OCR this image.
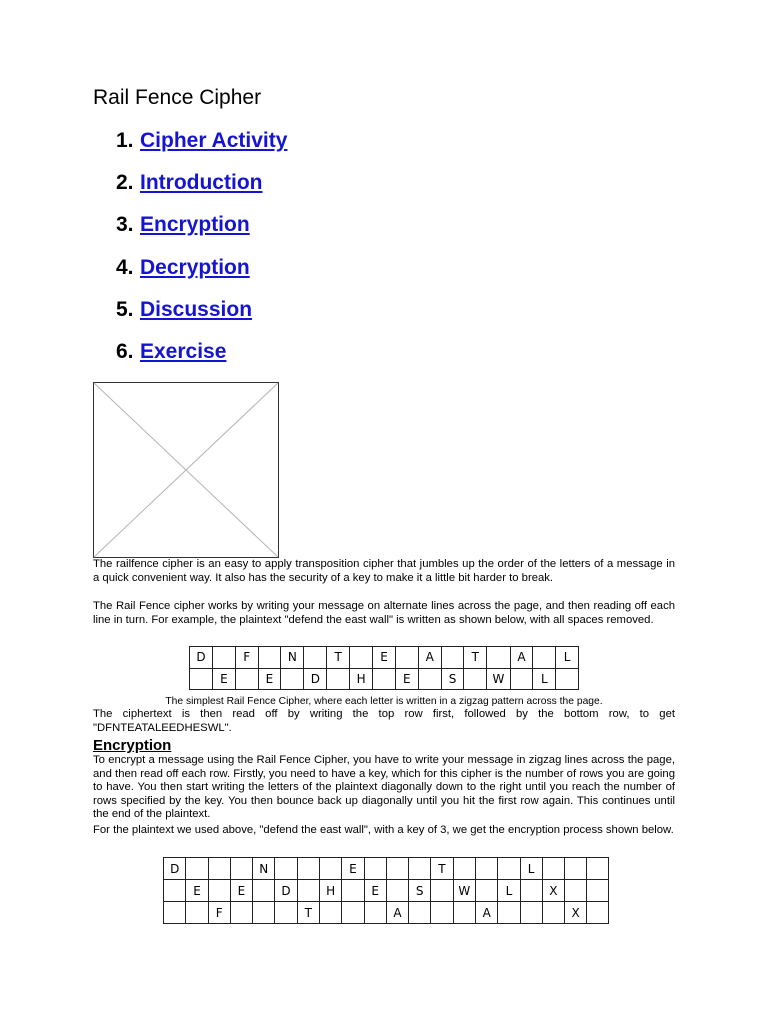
Rail Fence Cipher
1. Cipher Activity
2. Introduction
3. Encryption
4. Decryption
5. Discussion
6. Exercise

The railfence cipher is an easy to apply transposition cipher that jumbles up the order of the letters of a message in a quick convenient way. It also has the security of a key to make it a little bit harder to break.

The Rail Fence cipher works by writing your message on alternate lines across the page, and then reading off each line in turn. For example, the plaintext "defend the east wall" is written as shown below, with all spaces removed.

D		F		N		T		E		A		T		A		L
	E		E		D		H		E		S		W		L	

The simplest Rail Fence Cipher, where each letter is written in a zigzag pattern across the page.

The ciphertext is then read off by writing the top row first, followed by the bottom row, to get "DFNTEATALEEDHESWL".

Encryption

To encrypt a message using the Rail Fence Cipher, you have to write your message in zigzag lines across the page, and then read off each row. Firstly, you need to have a key, which for this cipher is the number of rows you are going to have. You then start writing the letters of the plaintext diagonally down to the right until you reach the number of rows specified by the key. You then bounce back up diagonally until you hit the first row again. This continues until the end of the plaintext.

For the plaintext we used above, "defend the east wall", with a key of 3, we get the encryption process shown below.

D				N				E				T				L			
	E		E		D		H		E		S		W		L		X		
		F				T				A				A				X	
